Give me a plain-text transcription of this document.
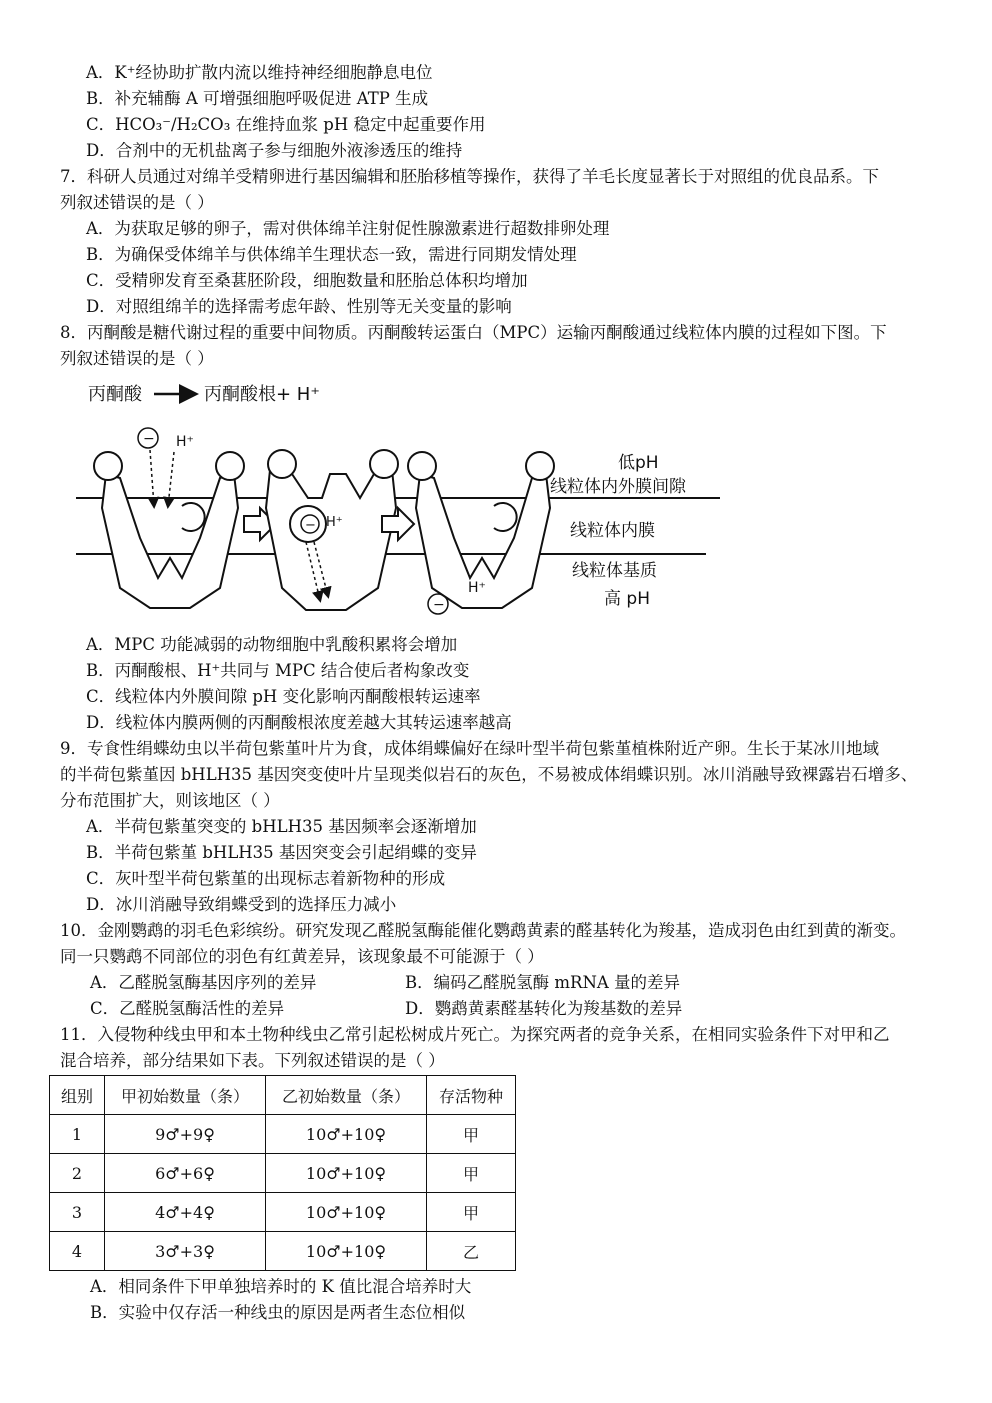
A．K⁺经协助扩散内流以维持神经细胞静息电位
B．补充辅酶 A 可增强细胞呼吸促进 ATP 生成
C．HCO₃⁻/H₂CO₃ 在维持血浆 pH 稳定中起重要作用
D．合剂中的无机盐离子参与细胞外液渗透压的维持
7．科研人员通过对绵羊受精卵进行基因编辑和胚胎移植等操作，获得了羊毛长度显著长于对照组的优良品系。下
列叙述错误的是（ ）
A．为获取足够的卵子，需对供体绵羊注射促性腺激素进行超数排卵处理
B．为确保受体绵羊与供体绵羊生理状态一致，需进行同期发情处理
C．受精卵发育至桑葚胚阶段，细胞数量和胚胎总体积均增加
D．对照组绵羊的选择需考虑年龄、性别等无关变量的影响
8．丙酮酸是糖代谢过程的重要中间物质。丙酮酸转运蛋白（MPC）运输丙酮酸通过线粒体内膜的过程如下图。下
列叙述错误的是（ ）
丙酮酸	丙酮酸根+ H⁺
− H⁺
− H⁺
H⁺
−
低pH
线粒体内外膜间隙
线粒体内膜
线粒体基质
高 pH
A．MPC 功能减弱的动物细胞中乳酸积累将会增加
B．丙酮酸根、H⁺共同与 MPC 结合使后者构象改变
C．线粒体内外膜间隙 pH 变化影响丙酮酸根转运速率
D．线粒体内膜两侧的丙酮酸根浓度差越大其转运速率越高
9．专食性绢蝶幼虫以半荷包紫堇叶片为食，成体绢蝶偏好在绿叶型半荷包紫堇植株附近产卵。生长于某冰川地域
的半荷包紫堇因 bHLH35 基因突变使叶片呈现类似岩石的灰色，不易被成体绢蝶识别。冰川消融导致裸露岩石增多、
分布范围扩大，则该地区（ ）
A．半荷包紫堇突变的 bHLH35 基因频率会逐渐增加
B．半荷包紫堇 bHLH35 基因突变会引起绢蝶的变异
C．灰叶型半荷包紫堇的出现标志着新物种的形成
D．冰川消融导致绢蝶受到的选择压力减小
10．金刚鹦鹉的羽毛色彩缤纷。研究发现乙醛脱氢酶能催化鹦鹉黄素的醛基转化为羧基，造成羽色由红到黄的渐变。
同一只鹦鹉不同部位的羽色有红黄差异，该现象最不可能源于（ ）
A．乙醛脱氢酶基因序列的差异	B．编码乙醛脱氢酶 mRNA 量的差异
C．乙醛脱氢酶活性的差异	D．鹦鹉黄素醛基转化为羧基数的差异
11．入侵物种线虫甲和本土物种线虫乙常引起松树成片死亡。为探究两者的竞争关系，在相同实验条件下对甲和乙
混合培养，部分结果如下表。下列叙述错误的是（ ）
组别	甲初始数量（条）	乙初始数量（条）	存活物种
1	9♂+9♀	10♂+10♀	甲
2	6♂+6♀	10♂+10♀	甲
3	4♂+4♀	10♂+10♀	甲
4	3♂+3♀	10♂+10♀	乙
A．相同条件下甲单独培养时的 K 值比混合培养时大
B．实验中仅存活一种线虫的原因是两者生态位相似
